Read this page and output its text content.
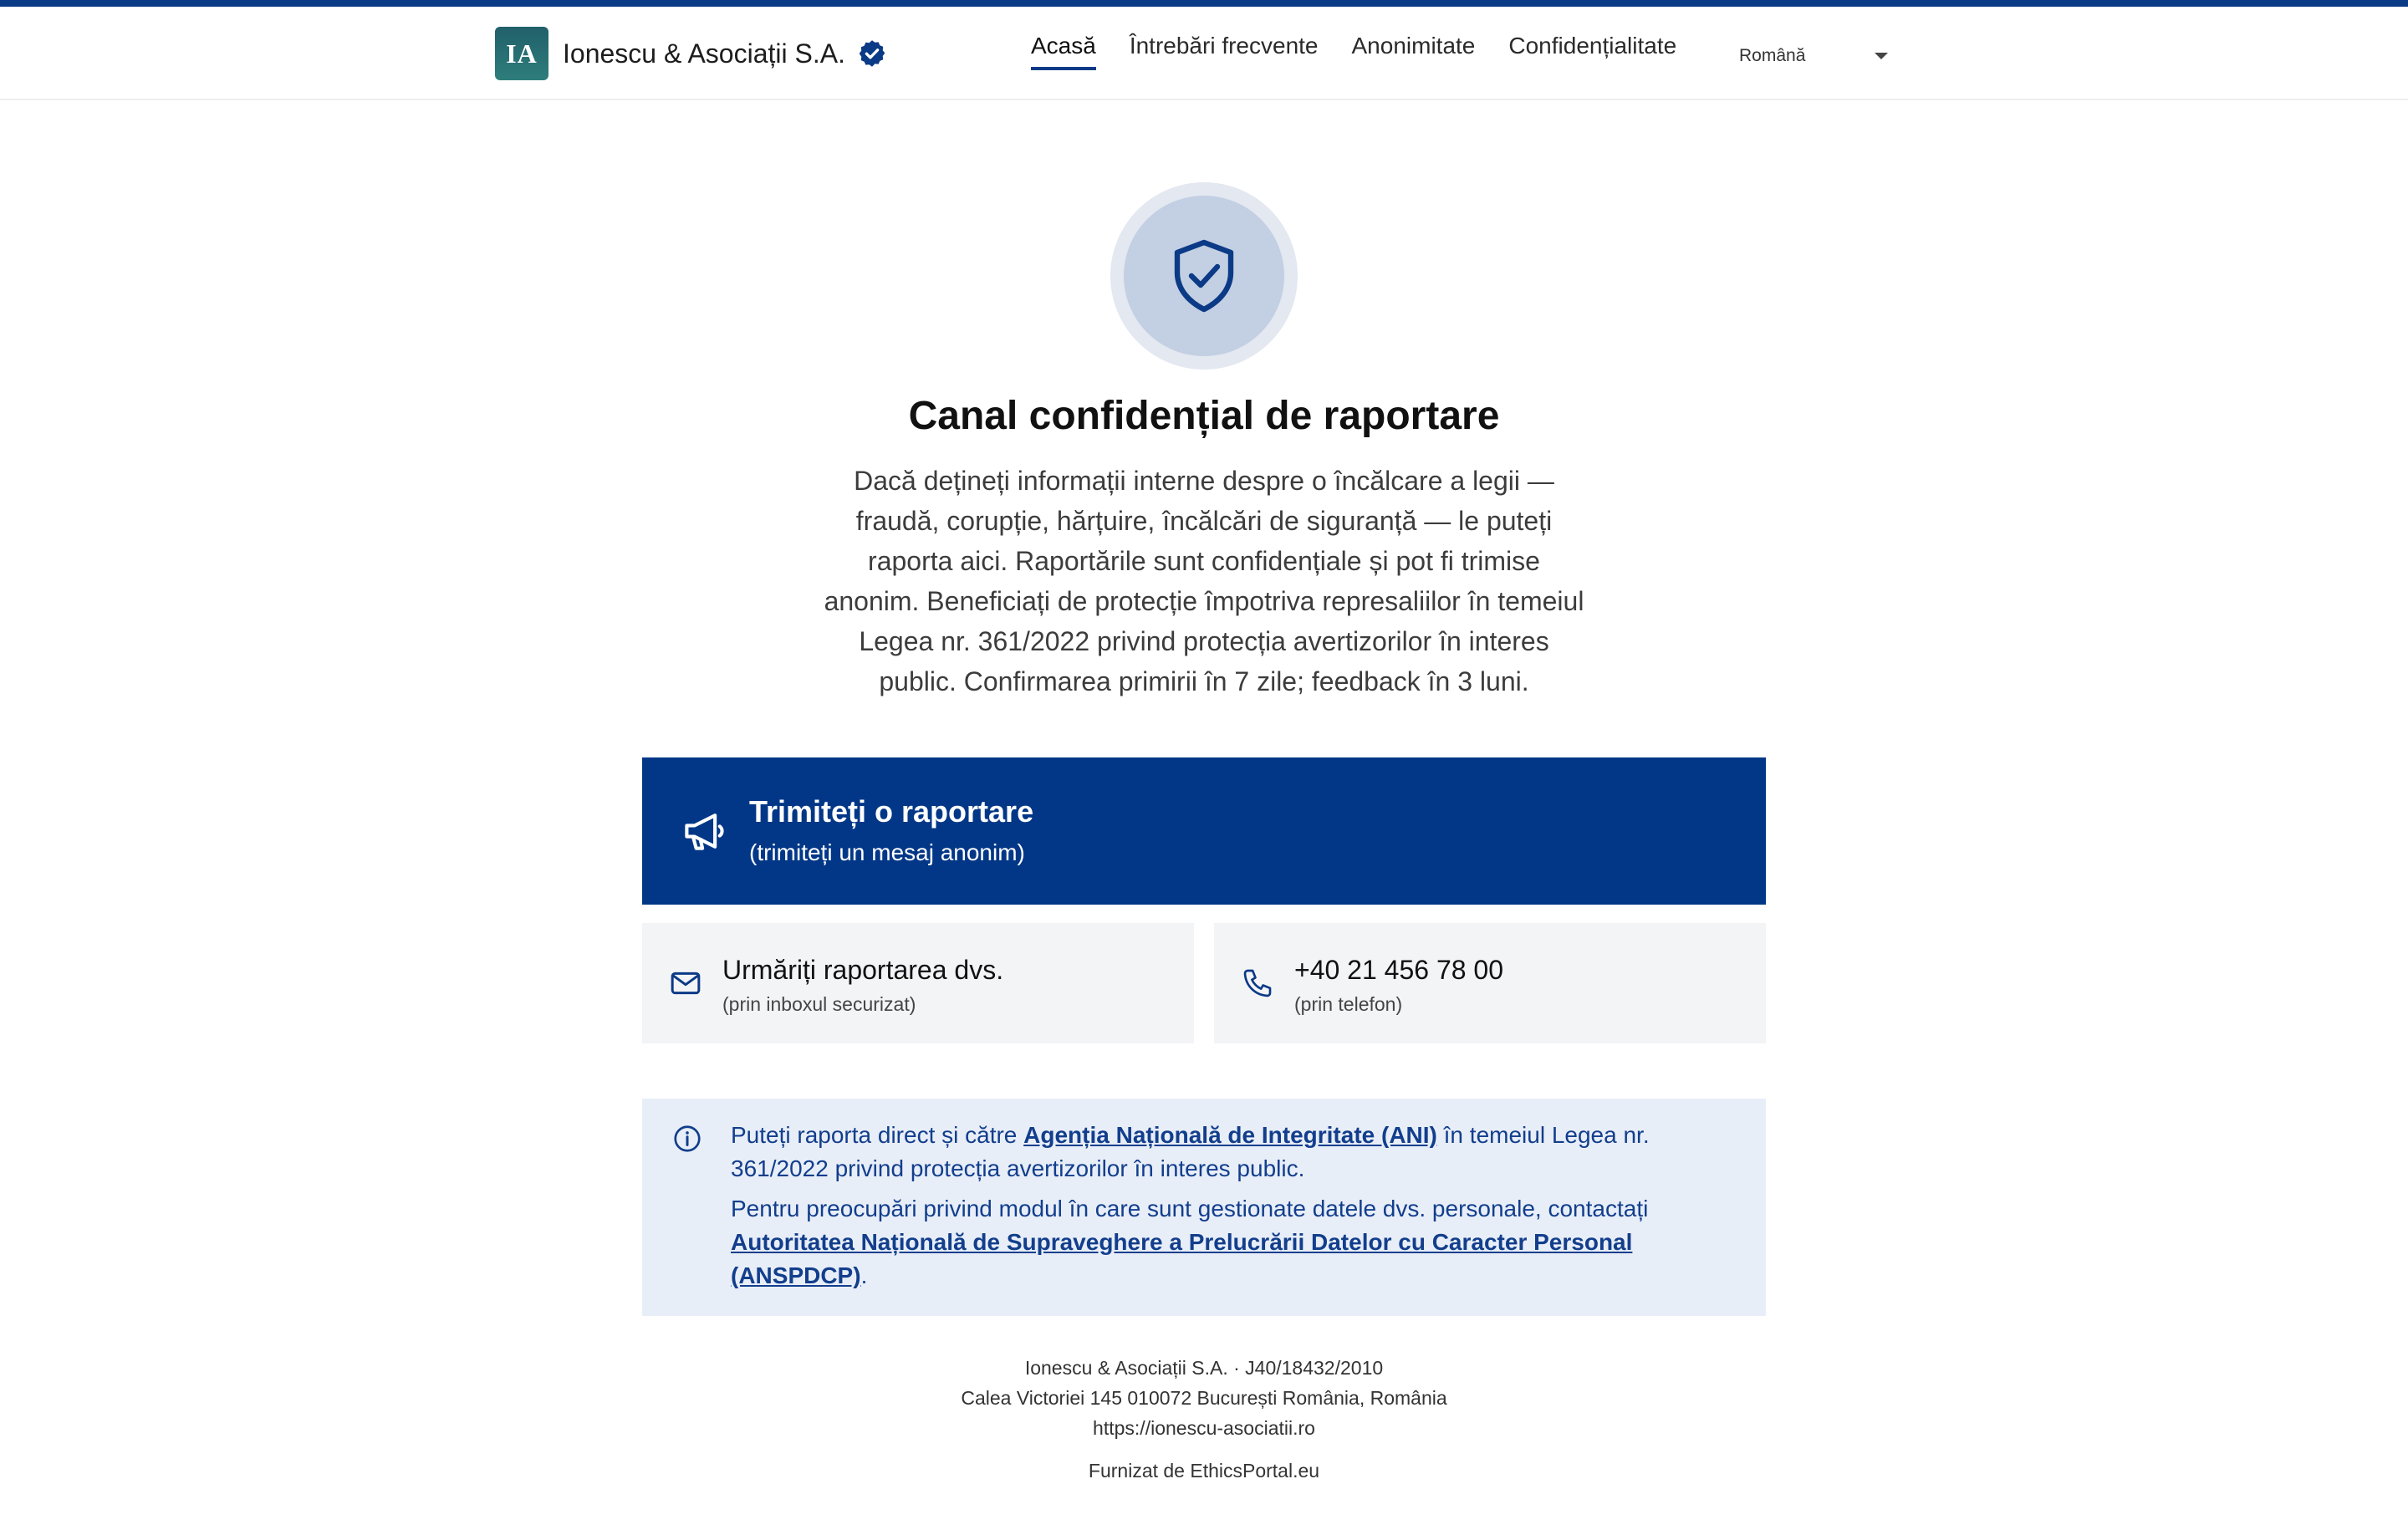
IA Ionescu & Asociații S.A.	Acasă Întrebări frecvente Anonimitate Confidențialitate	Română
Canal confidențial de raportare

Dacă dețineți informații interne despre o încălcare a legii — fraudă, corupție, hărțuire, încălcări de siguranță — le puteți raporta aici. Raportările sunt confidențiale și pot fi trimise anonim. Beneficiați de protecție împotriva represaliilor în temeiul Legea nr. 361/2022 privind protecția avertizorilor în interes public. Confirmarea primirii în 7 zile; feedback în 3 luni.

Trimiteți o raportare
(trimiteți un mesaj anonim)
Urmăriți raportarea dvs.
(prin inboxul securizat)
+40 21 456 78 00
(prin telefon)

Puteți raporta direct și către Agenția Națională de Integritate (ANI) în temeiul Legea nr. 361/2022 privind protecția avertizorilor în interes public.

Pentru preocupări privind modul în care sunt gestionate datele dvs. personale, contactați Autoritatea Națională de Supraveghere a Prelucrării Datelor cu Caracter Personal (ANSPDCP).

Ionescu & Asociații S.A. · J40/18432/2010
Calea Victoriei 145 010072 București România, România
https://ionescu-asociatii.ro
Furnizat de EthicsPortal.eu
